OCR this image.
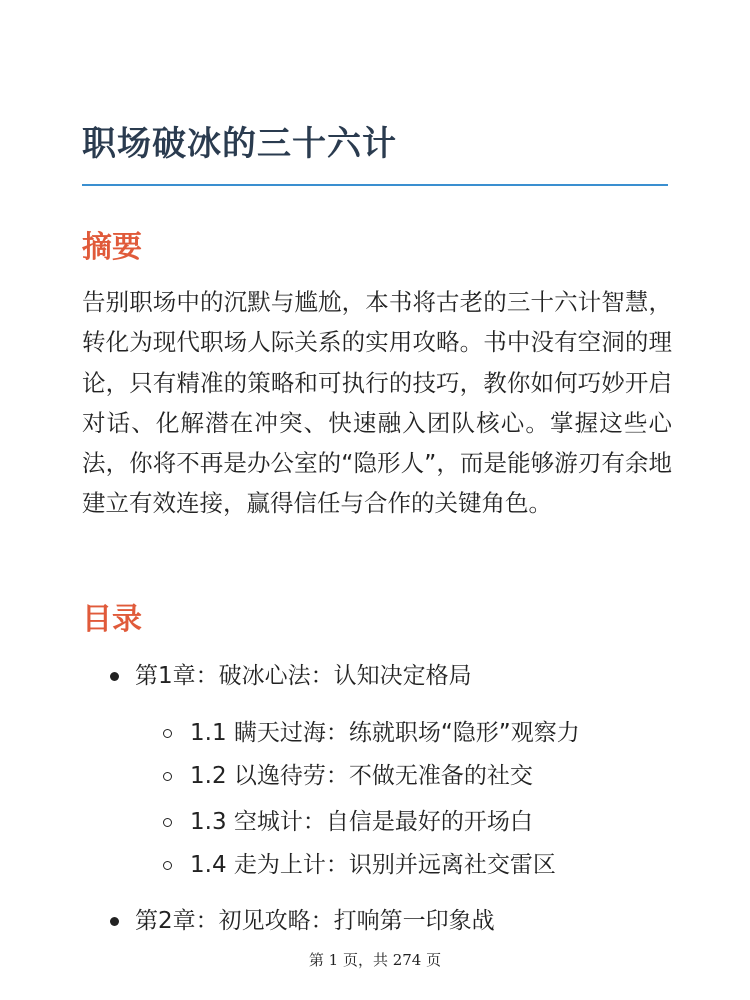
职场破冰的三十六计
摘要

告别职场中的沉默与尴尬，本书将古老的三十六计智慧，转化为现代职场人际关系的实用攻略。书中没有空洞的理论，只有精准的策略和可执行的技巧，教你如何巧妙开启对话、化解潜在冲突、快速融入团队核心。掌握这些心法，你将不再是办公室的“隐形人”，而是能够游刃有余地建立有效连接，赢得信任与合作的关键角色。

目录
第1章：破冰心法：认知决定格局
1.1 瞒天过海：练就职场“隐形”观察力
1.2 以逸待劳：不做无准备的社交
1.3 空城计：自信是最好的开场白
1.4 走为上计：识别并远离社交雷区
第2章：初见攻略：打响第一印象战
第 1 页，共 274 页
